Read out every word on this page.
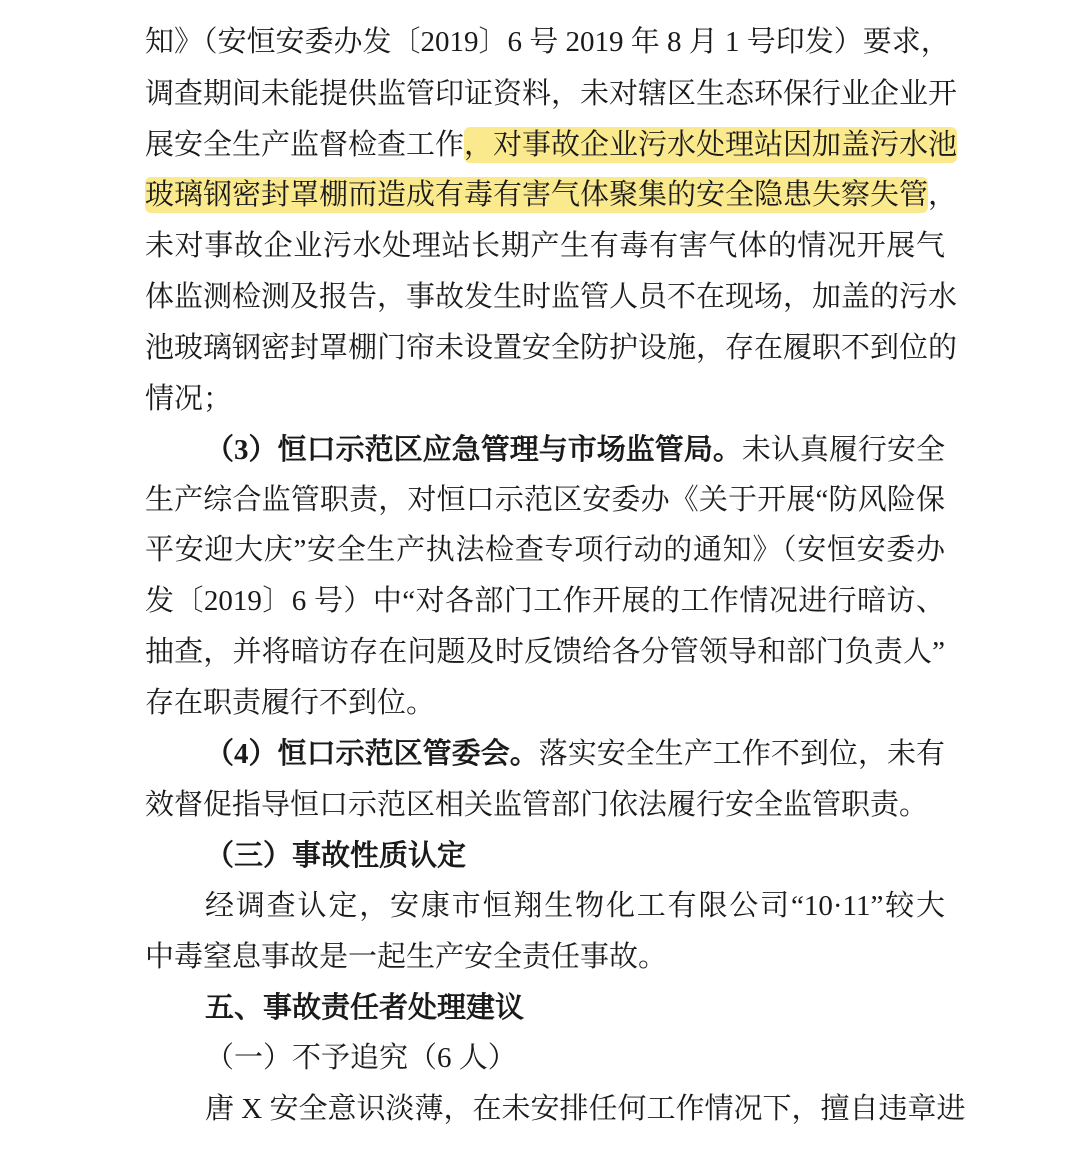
知》（安恒安委办发〔2019〕6 号 2019 年 8 月 1 号印发）要求，
调查期间未能提供监管印证资料，未对辖区生态环保行业企业开
展安全生产监督检查工作，对事故企业污水处理站因加盖污水池
玻璃钢密封罩棚而造成有毒有害气体聚集的安全隐患失察失管，
未对事故企业污水处理站长期产生有毒有害气体的情况开展气
体监测检测及报告，事故发生时监管人员不在现场，加盖的污水
池玻璃钢密封罩棚门帘未设置安全防护设施，存在履职不到位的
情况；
（3）恒口示范区应急管理与市场监管局。未认真履行安全
生产综合监管职责，对恒口示范区安委办《关于开展“防风险保
平安迎大庆”安全生产执法检查专项行动的通知》（安恒安委办
发〔2019〕6 号）中“对各部门工作开展的工作情况进行暗访、
抽查，并将暗访存在问题及时反馈给各分管领导和部门负责人”
存在职责履行不到位。
（4）恒口示范区管委会。落实安全生产工作不到位，未有
效督促指导恒口示范区相关监管部门依法履行安全监管职责。
（三）事故性质认定
经调查认定，安康市恒翔生物化工有限公司“10·11”较大
中毒窒息事故是一起生产安全责任事故。
五、事故责任者处理建议
（一）不予追究（6 人）
唐 X 安全意识淡薄，在未安排任何工作情况下，擅自违章进
